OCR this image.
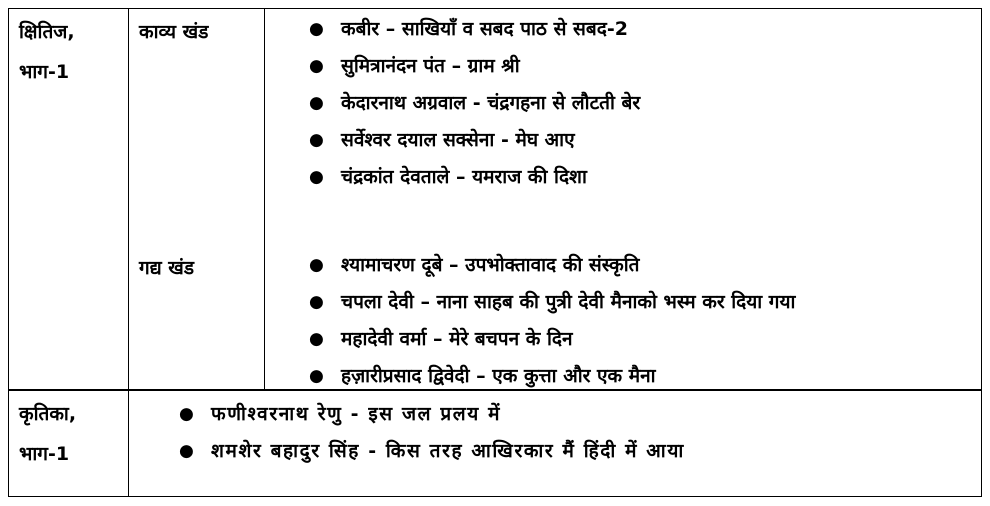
क्षितिज,
भाग-1
काव्य खंड	● कबीर – साखियाँ व सबद पाठ से सबद-2
● सुमित्रानंदन पंत – ग्राम श्री
● केदारनाथ अग्रवाल - चंद्रगहना से लौटती बेर
● सर्वेश्वर दयाल सक्सेना - मेघ आए
● चंद्रकांत देवताले – यमराज की दिशा
गद्य खंड	● श्यामाचरण दूबे – उपभोक्तावाद की संस्कृति
● चपला देवी – नाना साहब की पुत्री देवी मैनाको भस्म कर दिया गया
● महादेवी वर्मा – मेरे बचपन के दिन
● हज़ारीप्रसाद द्विवेदी – एक कुत्ता और एक मैना
कृतिका,
भाग-1
● फणीश्वरनाथ रेणु - इस जल प्रलय में
● शमशेर बहादुर सिंह - किस तरह आखिरकार मैं हिंदी में आया
